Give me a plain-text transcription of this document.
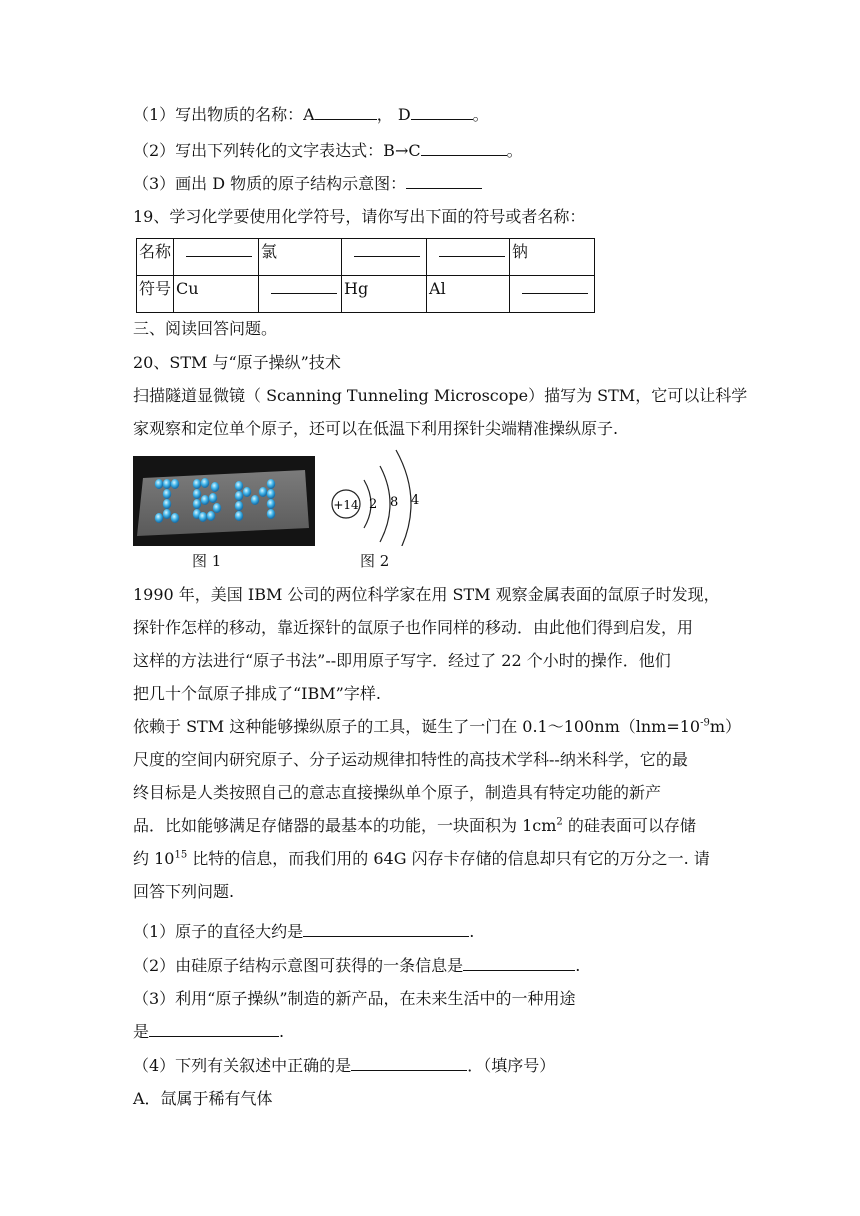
（1）写出物质的名称：A	， D	。
（2）写出下列转化的文字表达式：B→C	。
（3）画出 D 物质的原子结构示意图：
19、学习化学要使用化学符号，请你写出下面的符号或者名称：
名称		氯			钠
符号	Cu		Hg	Al	
三、阅读回答问题。
20、STM 与“原子操纵”技术
扫描隧道显微镜（ Scanning Tunneling Microscope）描写为 STM，它可以让科学
家观察和定位单个原子，还可以在低温下利用探针尖端精准操纵原子.
图 1
+14 2 8 4
图 2
1990 年，美国 IBM 公司的两位科学家在用 STM 观察金属表面的氙原子时发现，
探针作怎样的移动，靠近探针的氙原子也作同样的移动．由此他们得到启发，用
这样的方法进行“原子书法”--即用原子写字．经过了 22 个小时的操作．他们
把几十个氙原子排成了“IBM”字样.
依赖于 STM 这种能够操纵原子的工具，诞生了一门在 $0.1\sim 100nm(\ln m=10^{-9}m)$
尺度的空间内研究原子、分子运动规律扣特性的高技术学科--纳米科学，它的最
终目标是人类按照自己的意志直接操纵单个原子，制造具有特定功能的新产
品．比如能够满足存储器的最基本的功能，一块面积为 $1cm^2$ 的硅表面可以存储
约 $10^{15}$ 比特的信息，而我们用的 64G 闪存卡存储的信息却只有它的万分之一. 请
回答下列问题.
（1）原子的直径大约是	.
（2）由硅原子结构示意图可获得的一条信息是	.
（3）利用“原子操纵”制造的新产品，在未来生活中的一种用途
是	.
（4）下列有关叙述中正确的是	．（填序号）
A．氙属于稀有气体
